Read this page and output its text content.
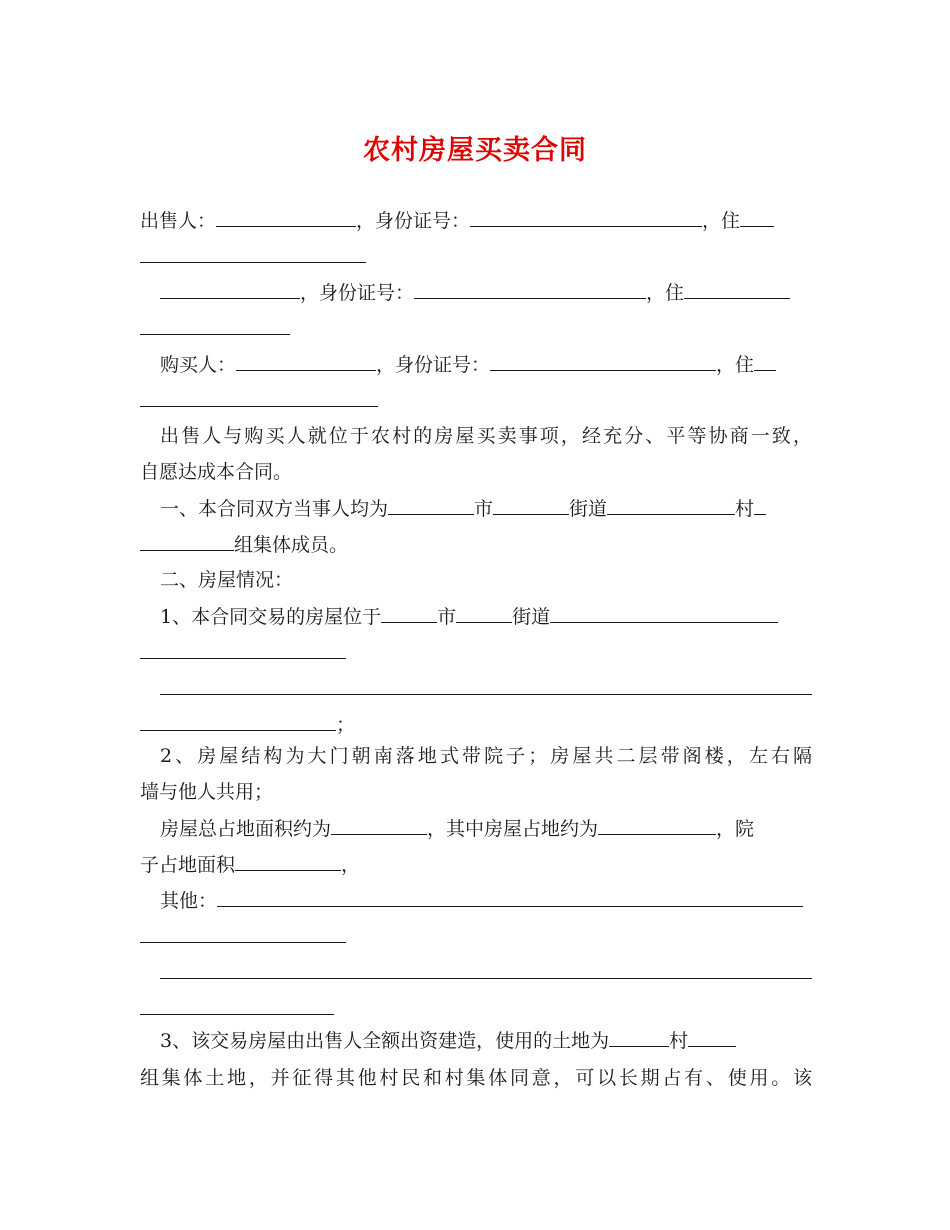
农村房屋买卖合同
出售人：	，身份证号：	，住
，身份证号：	，住
购买人：	，身份证号：	，住
出售人与购买人就位于农村的房屋买卖事项，经充分、平等协商一致，
自愿达成本合同。
一、本合同双方当事人均为	市	街道	村
组集体成员。
二、房屋情况：
1、本合同交易的房屋位于	市	街道
；
2、房屋结构为大门朝南落地式带院子；房屋共二层带阁楼，左右隔
墙与他人共用；
房屋总占地面积约为	，其中房屋占地约为	，院
子占地面积	，
其他：
3、该交易房屋由出售人全额出资建造，使用的土地为	村
组集体土地，并征得其他村民和村集体同意，可以长期占有、使用。该
